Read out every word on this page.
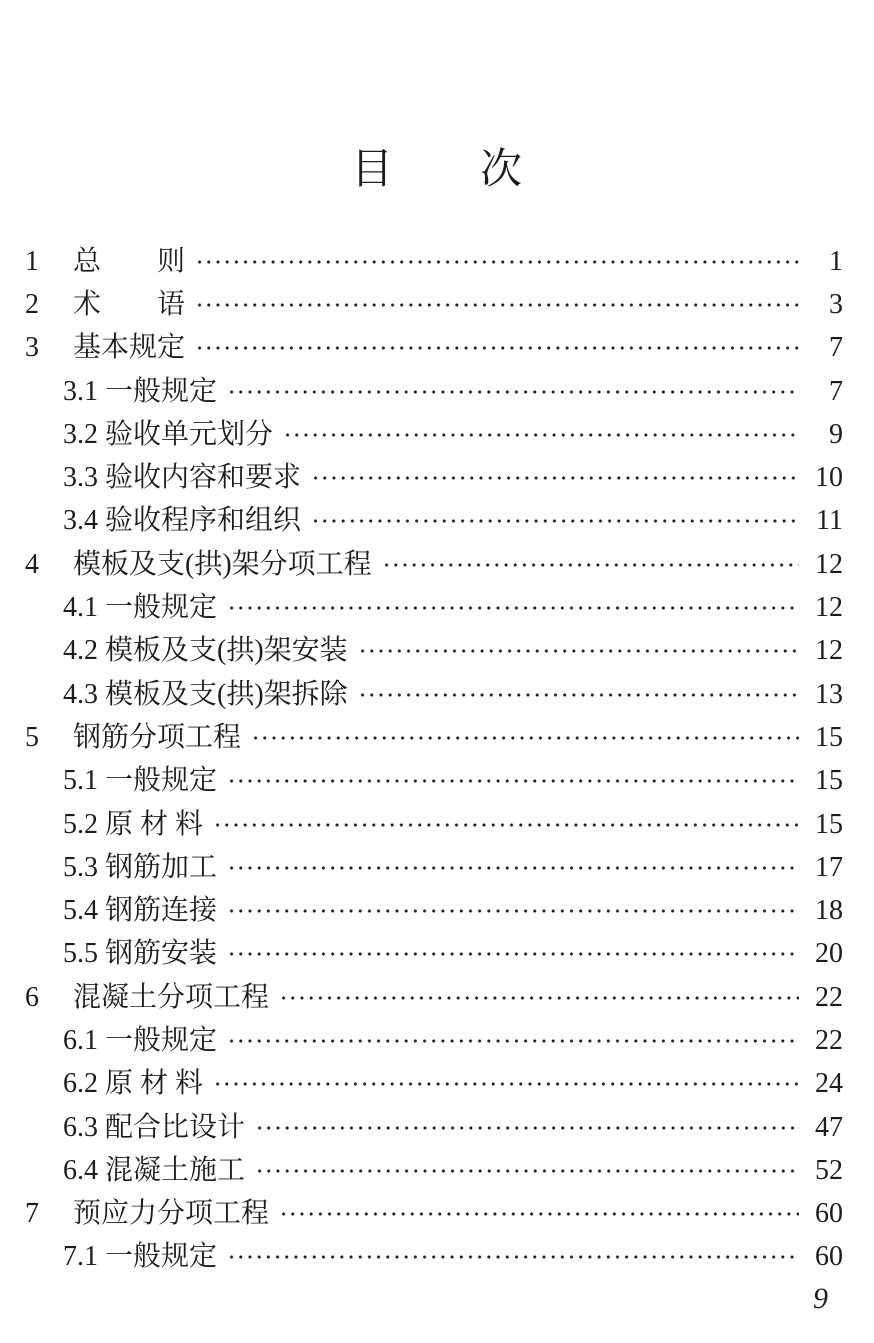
目　　次
1	总　　则	1
2	术　　语	3
3	基本规定	7
3.1 一般规定	7
3.2 验收单元划分	9
3.3 验收内容和要求	10
3.4 验收程序和组织	11
4	模板及支(拱)架分项工程	12
4.1 一般规定	12
4.2 模板及支(拱)架安装	12
4.3 模板及支(拱)架拆除	13
5	钢筋分项工程	15
5.1 一般规定	15
5.2 原 材 料	15
5.3 钢筋加工	17
5.4 钢筋连接	18
5.5 钢筋安装	20
6	混凝土分项工程	22
6.1 一般规定	22
6.2 原 材 料	24
6.3 配合比设计	47
6.4 混凝土施工	52
7	预应力分项工程	60
7.1 一般规定	60
9
